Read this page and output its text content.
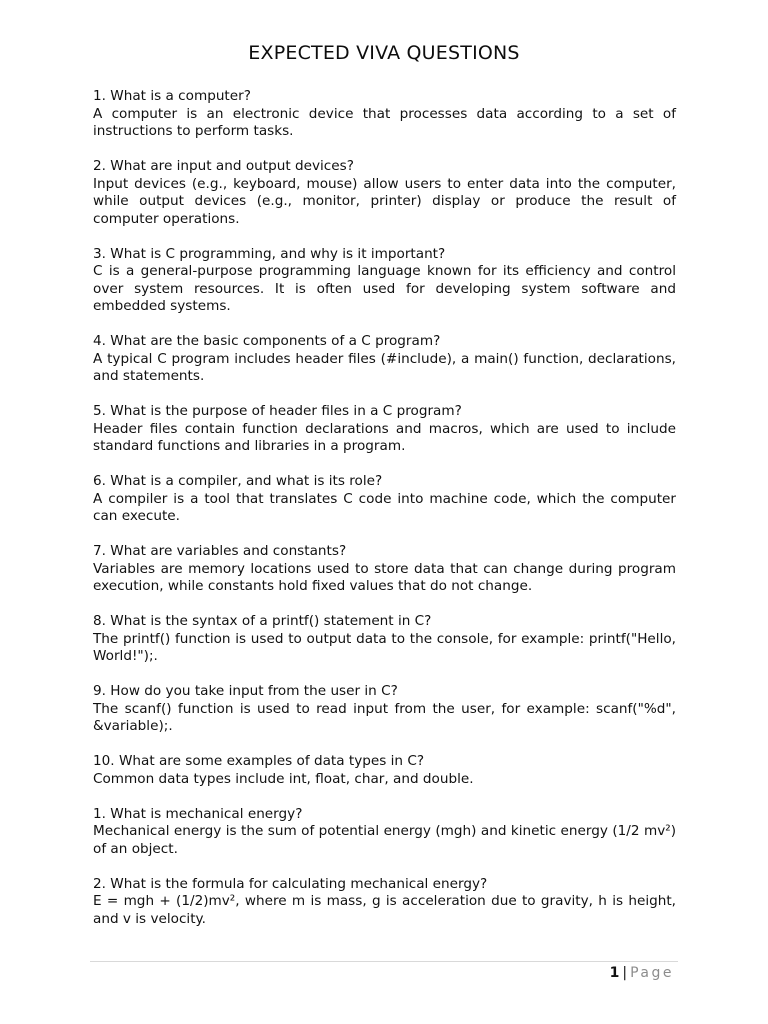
EXPECTED VIVA QUESTIONS

1. What is a computer?

A computer is an electronic device that processes data according to a set of instructions to perform tasks.

2. What are input and output devices?

Input devices (e.g., keyboard, mouse) allow users to enter data into the computer, while output devices (e.g., monitor, printer) display or produce the result of computer operations.

3. What is C programming, and why is it important?

C is a general-purpose programming language known for its efficiency and control over system resources. It is often used for developing system software and embedded systems.

4. What are the basic components of a C program?

A typical C program includes header files (#include), a main() function, declarations, and statements.

5. What is the purpose of header files in a C program?

Header files contain function declarations and macros, which are used to include standard functions and libraries in a program.

6. What is a compiler, and what is its role?

A compiler is a tool that translates C code into machine code, which the computer can execute.

7. What are variables and constants?

Variables are memory locations used to store data that can change during program execution, while constants hold fixed values that do not change.

8. What is the syntax of a printf() statement in C?

The printf() function is used to output data to the console, for example: printf("Hello, World!");.

9. How do you take input from the user in C?

The scanf() function is used to read input from the user, for example: scanf("%d", &variable);.

10. What are some examples of data types in C?

Common data types include int, float, char, and double.

1. What is mechanical energy?

Mechanical energy is the sum of potential energy (mgh) and kinetic energy (1/2 mv²) of an object.

2. What is the formula for calculating mechanical energy?

E = mgh + (1/2)mv², where m is mass, g is acceleration due to gravity, h is height, and v is velocity.

1 | Page
